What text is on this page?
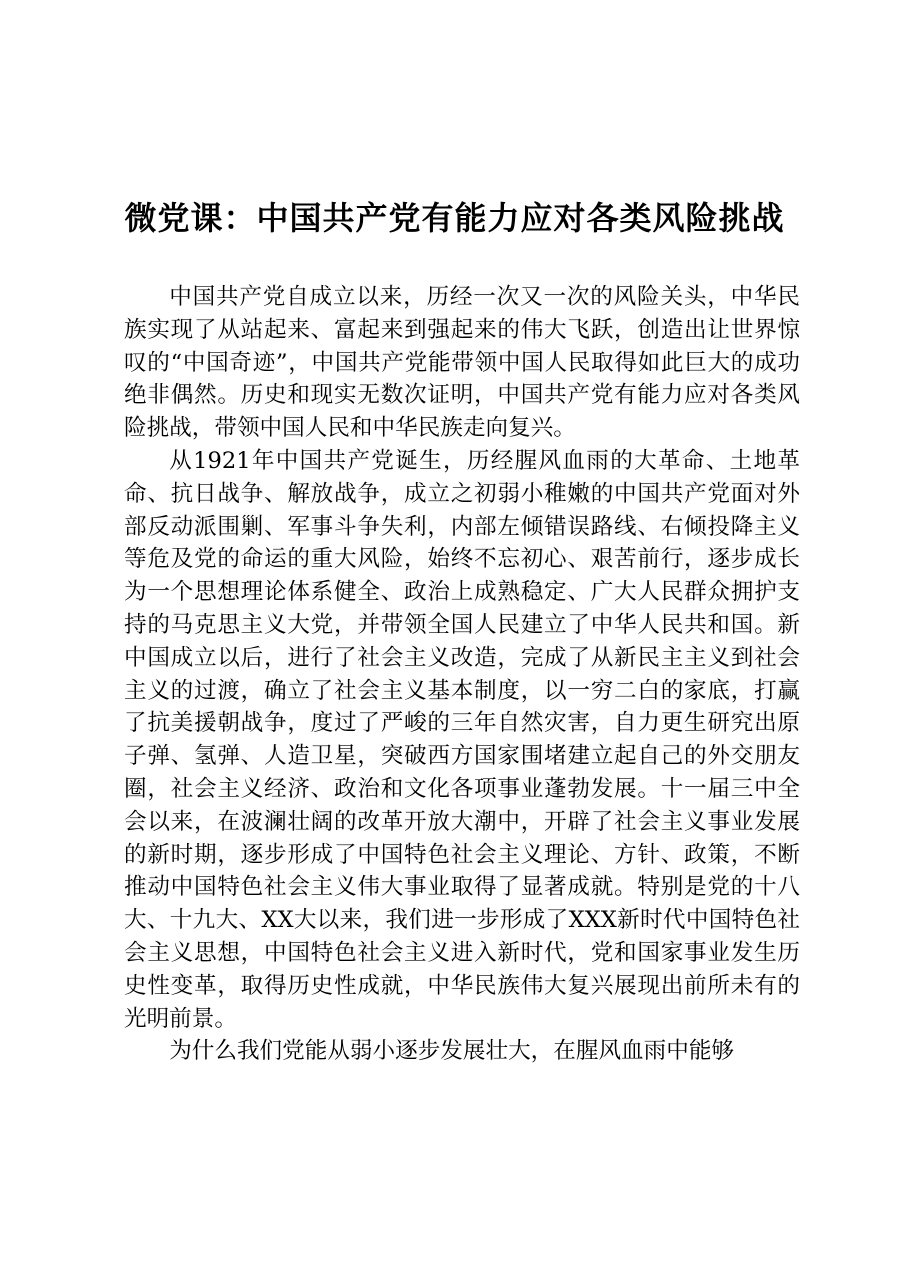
微党课：中国共产党有能力应对各类风险挑战

中国共产党自成立以来，历经一次又一次的风险关头，中华民族实现了从站起来、富起来到强起来的伟大飞跃，创造出让世界惊叹的“中国奇迹”，中国共产党能带领中国人民取得如此巨大的成功绝非偶然。历史和现实无数次证明，中国共产党有能力应对各类风险挑战，带领中国人民和中华民族走向复兴。

从1921年中国共产党诞生，历经腥风血雨的大革命、土地革命、抗日战争、解放战争，成立之初弱小稚嫩的中国共产党面对外部反动派围剿、军事斗争失利，内部左倾错误路线、右倾投降主义等危及党的命运的重大风险，始终不忘初心、艰苦前行，逐步成长为一个思想理论体系健全、政治上成熟稳定、广大人民群众拥护支持的马克思主义大党，并带领全国人民建立了中华人民共和国。新中国成立以后，进行了社会主义改造，完成了从新民主主义到社会主义的过渡，确立了社会主义基本制度，以一穷二白的家底，打赢了抗美援朝战争，度过了严峻的三年自然灾害，自力更生研究出原子弹、氢弹、人造卫星，突破西方国家围堵建立起自己的外交朋友圈，社会主义经济、政治和文化各项事业蓬勃发展。十一届三中全会以来，在波澜壮阔的改革开放大潮中，开辟了社会主义事业发展的新时期，逐步形成了中国特色社会主义理论、方针、政策，不断推动中国特色社会主义伟大事业取得了显著成就。特别是党的十八大、十九大、XX大以来，我们进一步形成了XXX新时代中国特色社会主义思想，中国特色社会主义进入新时代，党和国家事业发生历史性变革，取得历史性成就，中华民族伟大复兴展现出前所未有的光明前景。

为什么我们党能从弱小逐步发展壮大，在腥风血雨中能够
